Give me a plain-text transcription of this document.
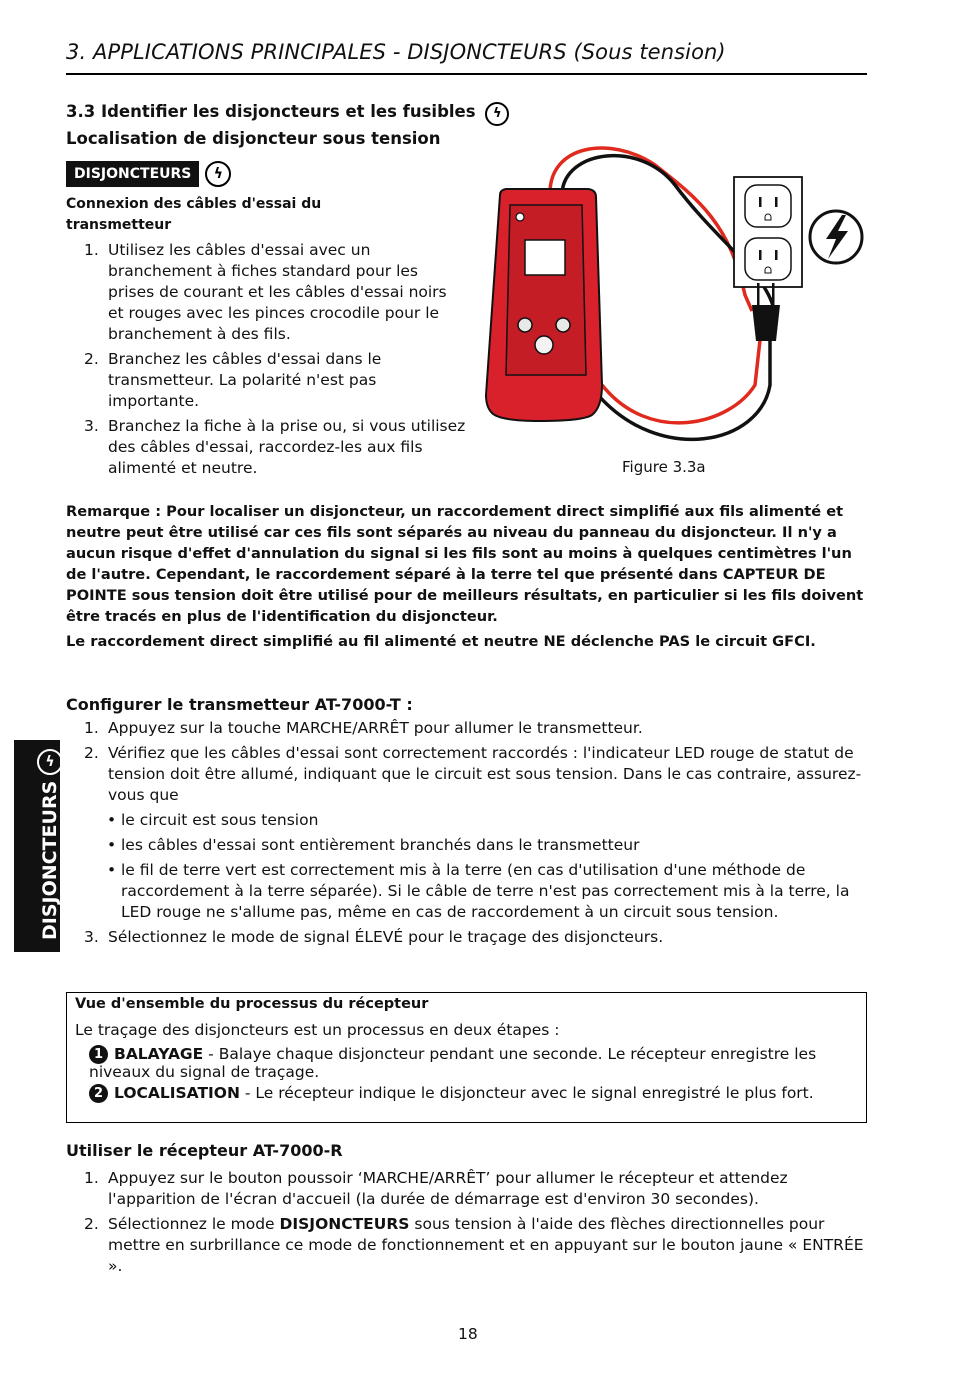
3. APPLICATIONS PRINCIPALES - DISJONCTEURS (Sous tension)
3.3 Identifier les disjoncteurs et les fusibles ϟ
Localisation de disjoncteur sous tension
DISJONCTEURS	ϟ
Connexion des câbles d'essai du
transmetteur
1. Utilisez les câbles d'essai avec un branchement à fiches standard pour les prises de courant et les câbles d'essai noirs et rouges avec les pinces crocodile pour le branchement à des fils.
2. Branchez les câbles d'essai dans le transmetteur. La polarité n'est pas importante.
3. Branchez la fiche à la prise ou, si vous utilisez des câbles d'essai, raccordez-les aux fils alimenté et neutre.	Figure 3.3a
Remarque : Pour localiser un disjoncteur, un raccordement direct simplifié aux fils alimenté et neutre peut être utilisé car ces fils sont séparés au niveau du panneau du disjoncteur. Il n'y a aucun risque d'effet d'annulation du signal si les fils sont au moins à quelques centimètres l'un de l'autre. Cependant, le raccordement séparé à la terre tel que présenté dans CAPTEUR DE POINTE sous tension doit être utilisé pour de meilleurs résultats, en particulier si les fils doivent être tracés en plus de l'identification du disjoncteur.
Le raccordement direct simplifié au fil alimenté et neutre NE déclenche PAS le circuit GFCI.
Configurer le transmetteur AT-7000-T :
1. Appuyez sur la touche MARCHE/ARRÊT pour allumer le transmetteur.
2. Vérifiez que les câbles d'essai sont correctement raccordés : l'indicateur LED rouge de statut de tension doit être allumé, indiquant que le circuit est sous tension. Dans le cas contraire, assurez-vous que
• le circuit est sous tension
• les câbles d'essai sont entièrement branchés dans le transmetteur
• le fil de terre vert est correctement mis à la terre (en cas d'utilisation d'une méthode de raccordement à la terre séparée). Si le câble de terre n'est pas correctement mis à la terre, la LED rouge ne s'allume pas, même en cas de raccordement à un circuit sous tension.
3. Sélectionnez le mode de signal ÉLEVÉ pour le traçage des disjoncteurs.
DISJONCTEURS
ϟ
Vue d'ensemble du processus du récepteur
Le traçage des disjoncteurs est un processus en deux étapes :
1 BALAYAGE - Balaye chaque disjoncteur pendant une seconde. Le récepteur enregistre les niveaux du signal de traçage.
2 LOCALISATION - Le récepteur indique le disjoncteur avec le signal enregistré le plus fort.
Utiliser le récepteur AT-7000-R
1. Appuyez sur le bouton poussoir ‘MARCHE/ARRÊT’ pour allumer le récepteur et attendez l'apparition de l'écran d'accueil (la durée de démarrage est d'environ 30 secondes).
2. Sélectionnez le mode DISJONCTEURS sous tension à l'aide des flèches directionnelles pour mettre en surbrillance ce mode de fonctionnement et en appuyant sur le bouton jaune « ENTRÉE ».
18
